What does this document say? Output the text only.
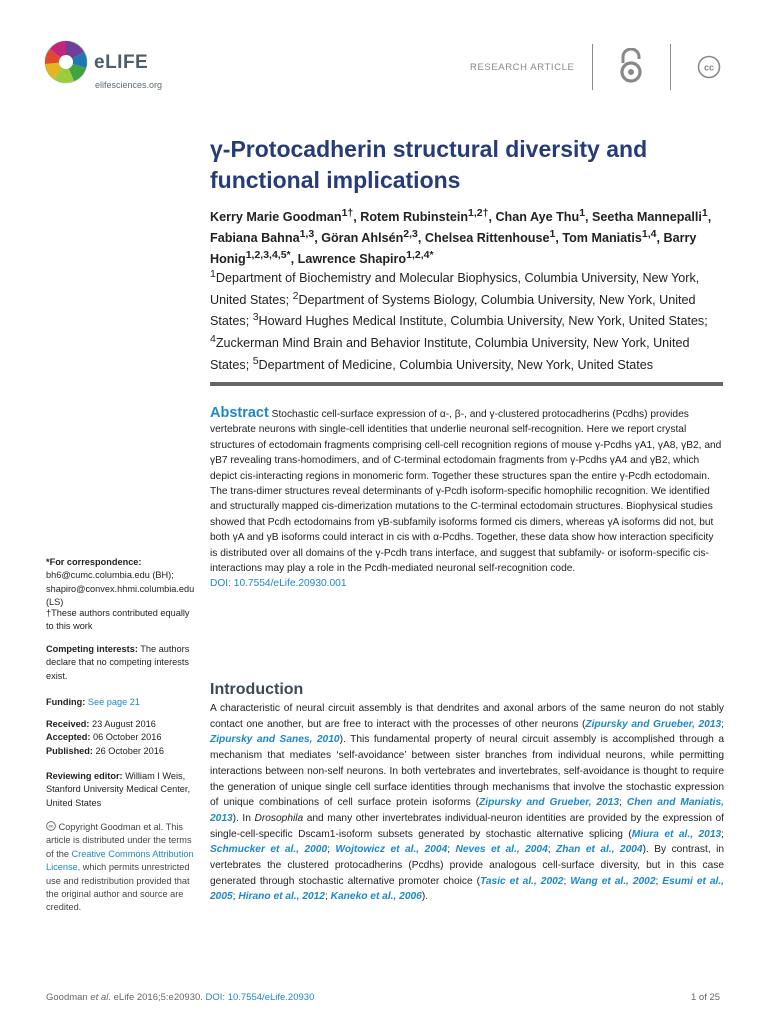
eLIFE
elifesciences.org
RESEARCH ARTICLE	cc
γ-Protocadherin structural diversity and functional implications
Kerry Marie Goodman$^{1\dagger}$, Rotem Rubinstein$^{1,2\dagger}$, Chan Aye Thu$^1$, Seetha Mannepalli$^1$, Fabiana Bahna$^{1,3}$, Göran Ahlsén$^{2,3}$, Chelsea Rittenhouse$^1$, Tom Maniatis$^{1,4}$, Barry Honig$^{1,2,3,4,5*}$, Lawrence Shapiro$^{1,2,4*}$
$^1$Department of Biochemistry and Molecular Biophysics, Columbia University, New York, United States; $^2$Department of Systems Biology, Columbia University, New York, United States; $^3$Howard Hughes Medical Institute, Columbia University, New York, United States; $^4$Zuckerman Mind Brain and Behavior Institute, Columbia University, New York, United States; $^5$Department of Medicine, Columbia University, New York, United States
Abstract Stochastic cell-surface expression of α-, β-, and γ-clustered protocadherins (Pcdhs) provides vertebrate neurons with single-cell identities that underlie neuronal self-recognition. Here we report crystal structures of ectodomain fragments comprising cell-cell recognition regions of mouse γ-Pcdhs γA1, γA8, γB2, and γB7 revealing trans-homodimers, and of C-terminal ectodomain fragments from γ-Pcdhs γA4 and γB2, which depict cis-interacting regions in monomeric form. Together these structures span the entire γ-Pcdh ectodomain. The trans-dimer structures reveal determinants of γ-Pcdh isoform-specific homophilic recognition. We identified and structurally mapped cis-dimerization mutations to the C-terminal ectodomain structures. Biophysical studies showed that Pcdh ectodomains from γB-subfamily isoforms formed cis dimers, whereas γA isoforms did not, but both γA and γB isoforms could interact in cis with α-Pcdhs. Together, these data show how interaction specificity is distributed over all domains of the γ-Pcdh trans interface, and suggest that subfamily- or isoform-specific cis-interactions may play a role in the Pcdh-mediated neuronal self-recognition code.
DOI: 10.7554/eLife.20930.001
*For correspondence: bh6@cumc.columbia.edu (BH); shapiro@convex.hhmi.columbia.edu (LS)
†These authors contributed equally to this work
Competing interests: The authors declare that no competing interests exist.
Funding: See page 21
Received: 23 August 2016
Accepted: 06 October 2016
Published: 26 October 2016
Reviewing editor: William I Weis, Stanford University Medical Center, United States
cc Copyright Goodman et al. This article is distributed under the terms of the Creative Commons Attribution License, which permits unrestricted use and redistribution provided that the original author and source are credited.
Introduction
A characteristic of neural circuit assembly is that dendrites and axonal arbors of the same neuron do not stably contact one another, but are free to interact with the processes of other neurons (Zipursky and Grueber, 2013; Zipursky and Sanes, 2010). This fundamental property of neural circuit assembly is accomplished through a mechanism that mediates ‘self-avoidance’ between sister branches from individual neurons, while permitting interactions between non-self neurons. In both vertebrates and invertebrates, self-avoidance is thought to require the generation of unique single cell surface identities through mechanisms that involve the stochastic expression of unique combinations of cell surface protein isoforms (Zipursky and Grueber, 2013; Chen and Maniatis, 2013). In Drosophila and many other invertebrates individual-neuron identities are provided by the expression of single-cell-specific Dscam1-isoform subsets generated by stochastic alternative splicing (Miura et al., 2013; Schmucker et al., 2000; Wojtowicz et al., 2004; Neves et al., 2004; Zhan et al., 2004). By contrast, in vertebrates the clustered protocadherins (Pcdhs) provide analogous cell-surface diversity, but in this case generated through stochastic alternative promoter choice (Tasic et al., 2002; Wang et al., 2002; Esumi et al., 2005; Hirano et al., 2012; Kaneko et al., 2006).
Goodman et al. eLife 2016;5:e20930. DOI: 10.7554/eLife.20930	1 of 25
